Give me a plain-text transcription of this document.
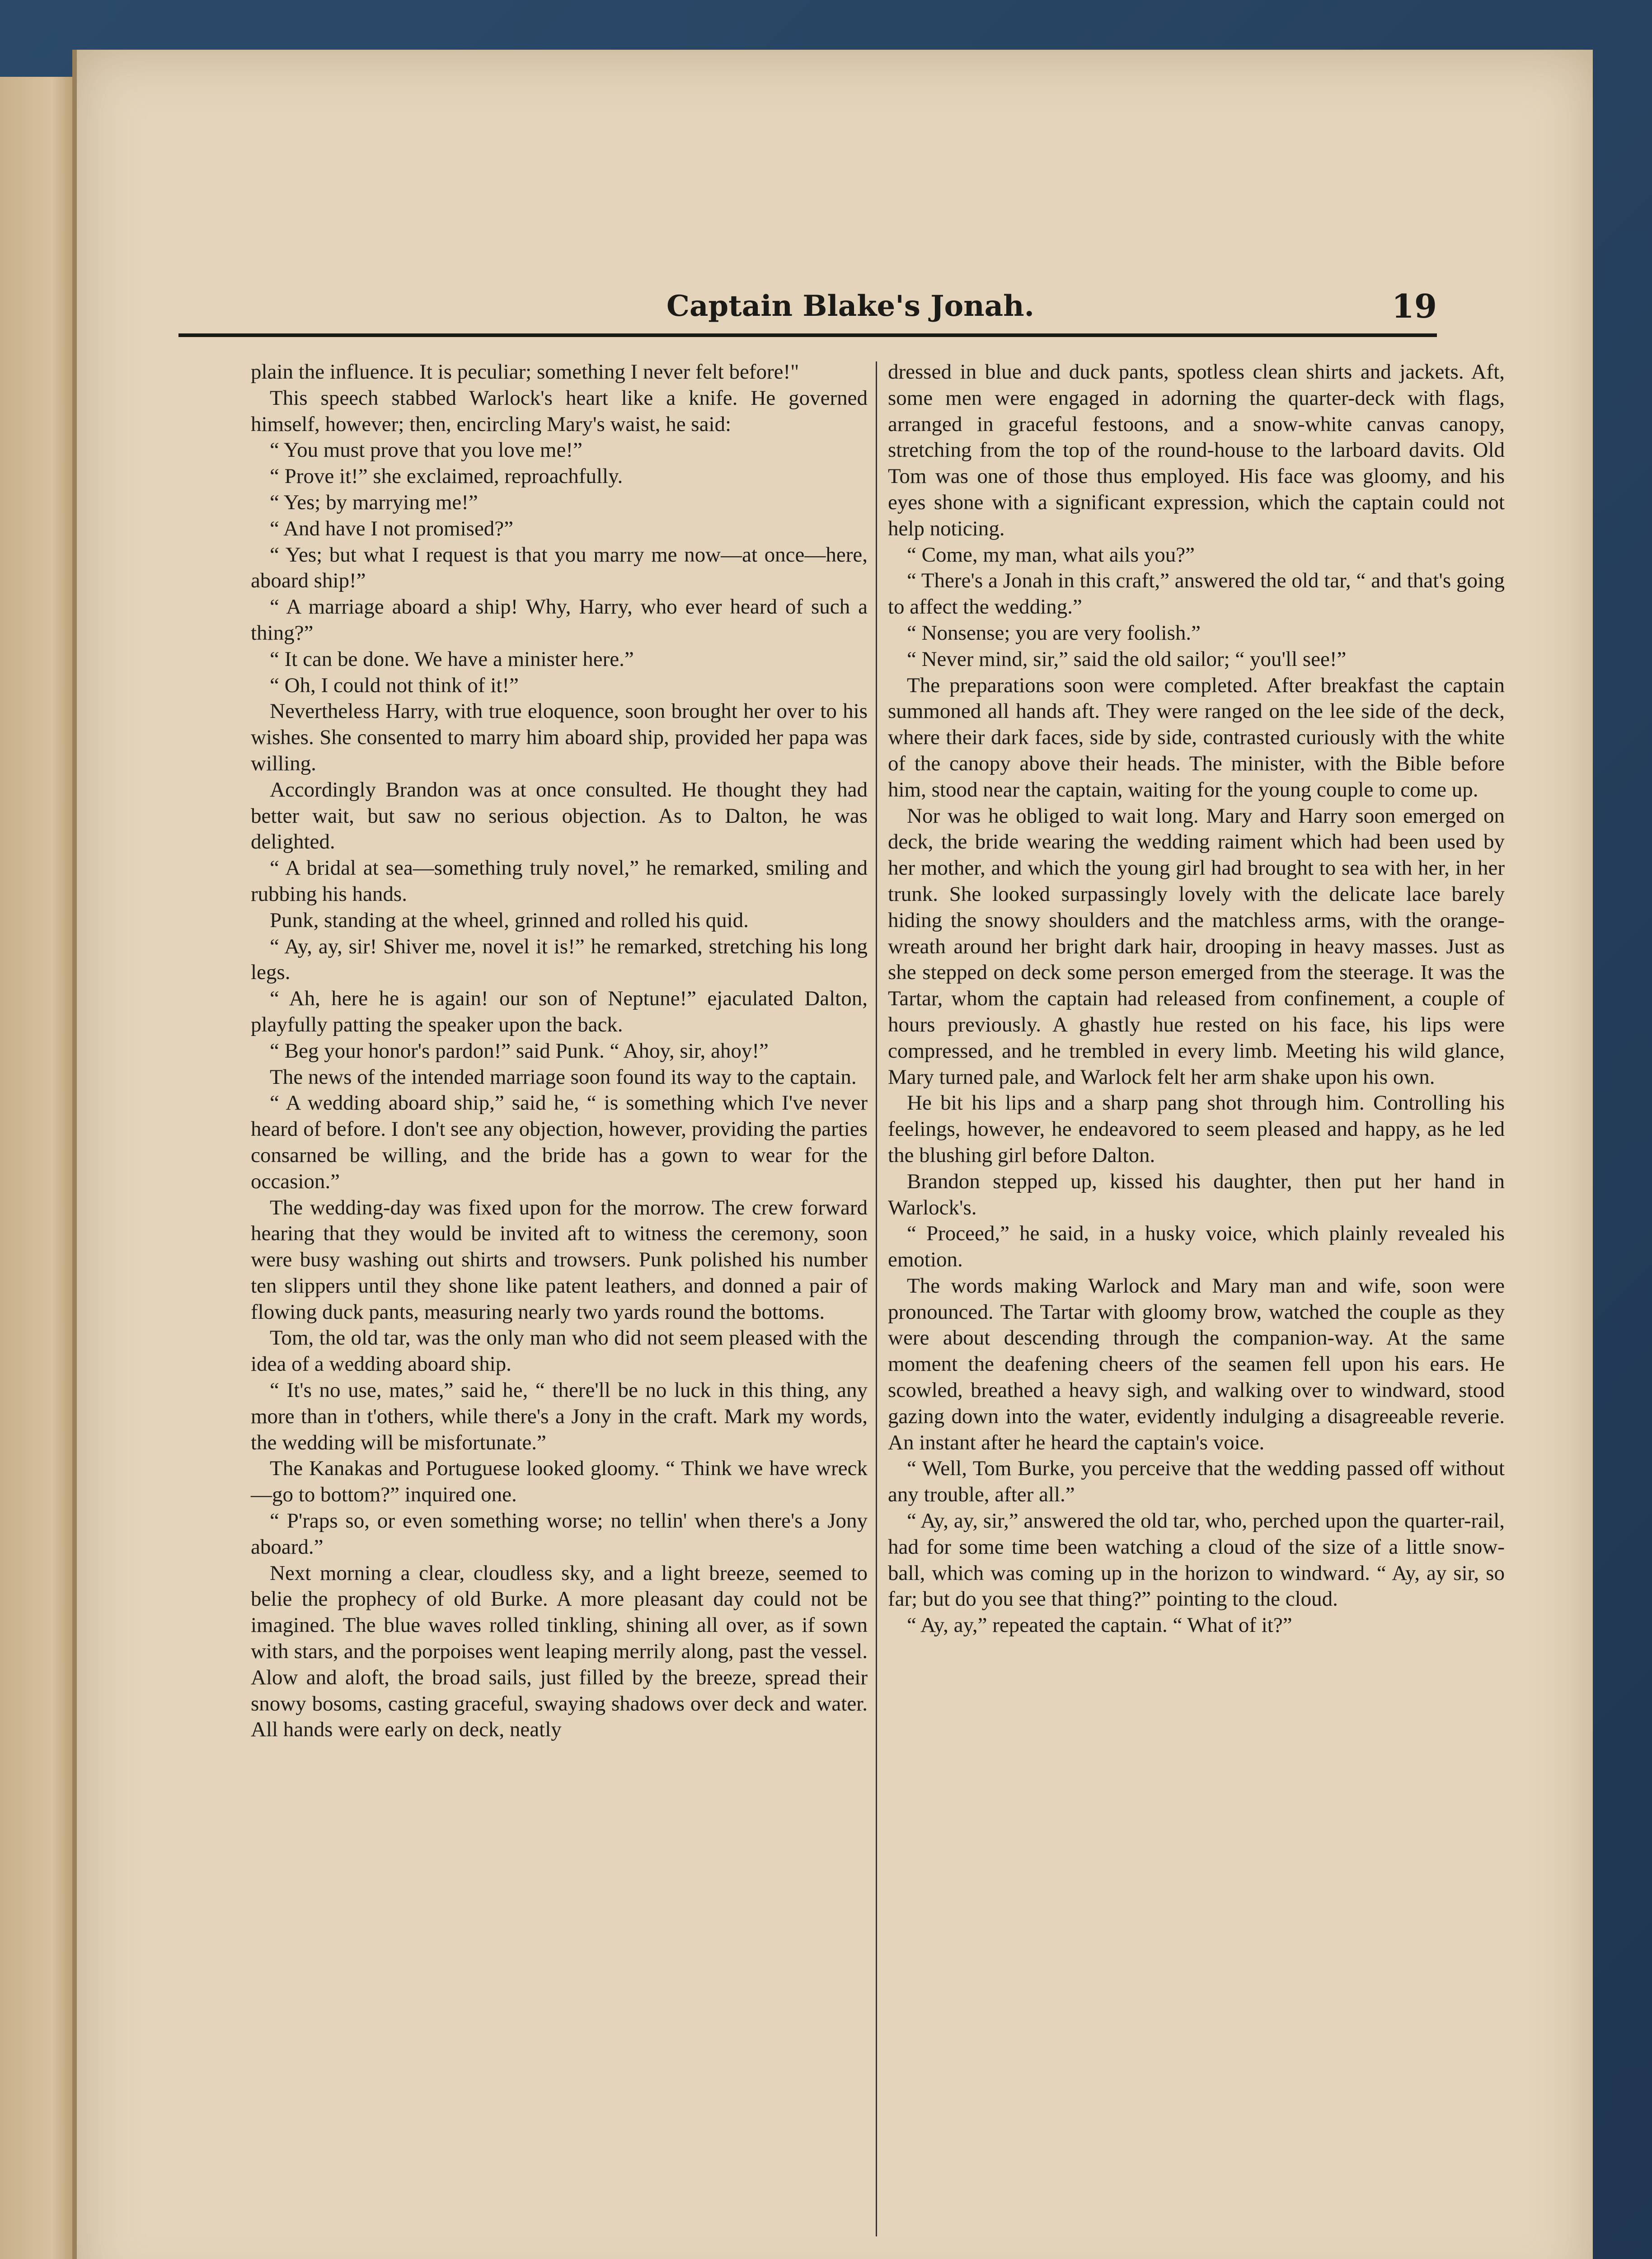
Captain Blake's Jonah.	19

plain the influence. It is peculiar; something I never felt before!"

This speech stabbed Warlock's heart like a knife. He governed himself, however; then, encircling Mary's waist, he said:

“ You must prove that you love me!”

“ Prove it!” she exclaimed, reproachfully.

“ Yes; by marrying me!”

“ And have I not promised?”

“ Yes; but what I request is that you marry me now—at once—here, aboard ship!”

“ A marriage aboard a ship! Why, Harry, who ever heard of such a thing?”

“ It can be done. We have a minister here.”

“ Oh, I could not think of it!”

Nevertheless Harry, with true eloquence, soon brought her over to his wishes. She consented to marry him aboard ship, provided her papa was willing.

Accordingly Brandon was at once consulted. He thought they had better wait, but saw no serious objection. As to Dalton, he was delighted.

“ A bridal at sea—something truly novel,” he remarked, smiling and rubbing his hands.

Punk, standing at the wheel, grinned and rolled his quid.

“ Ay, ay, sir! Shiver me, novel it is!” he remarked, stretching his long legs.

“ Ah, here he is again! our son of Neptune!” ejaculated Dalton, playfully patting the speaker upon the back.

“ Beg your honor's pardon!” said Punk. “ Ahoy, sir, ahoy!”

The news of the intended marriage soon found its way to the captain.

“ A wedding aboard ship,” said he, “ is something which I've never heard of before. I don't see any objection, however, providing the parties consarned be willing, and the bride has a gown to wear for the occasion.”

The wedding-day was fixed upon for the morrow. The crew forward hearing that they would be invited aft to witness the ceremony, soon were busy washing out shirts and trowsers. Punk polished his number ten slippers until they shone like patent leathers, and donned a pair of flowing duck pants, measuring nearly two yards round the bottoms.

Tom, the old tar, was the only man who did not seem pleased with the idea of a wedding aboard ship.

“ It's no use, mates,” said he, “ there'll be no luck in this thing, any more than in t'others, while there's a Jony in the craft. Mark my words, the wedding will be misfortunate.”

The Kanakas and Portuguese looked gloomy. “ Think we have wreck—go to bottom?” inquired one.

“ P'raps so, or even something worse; no tellin' when there's a Jony aboard.”

Next morning a clear, cloudless sky, and a light breeze, seemed to belie the prophecy of old Burke. A more pleasant day could not be imagined. The blue waves rolled tinkling, shining all over, as if sown with stars, and the porpoises went leaping merrily along, past the vessel. Alow and aloft, the broad sails, just filled by the breeze, spread their snowy bosoms, casting graceful, swaying shadows over deck and water. All hands were early on deck, neatly

dressed in blue and duck pants, spotless clean shirts and jackets. Aft, some men were engaged in adorning the quarter-deck with flags, arranged in graceful festoons, and a snow-white canvas canopy, stretching from the top of the round-house to the larboard davits. Old Tom was one of those thus employed. His face was gloomy, and his eyes shone with a significant expression, which the captain could not help noticing.

“ Come, my man, what ails you?”

“ There's a Jonah in this craft,” answered the old tar, “ and that's going to affect the wedding.”

“ Nonsense; you are very foolish.”

“ Never mind, sir,” said the old sailor; “ you'll see!”

The preparations soon were completed. After breakfast the captain summoned all hands aft. They were ranged on the lee side of the deck, where their dark faces, side by side, contrasted curiously with the white of the canopy above their heads. The minister, with the Bible before him, stood near the captain, waiting for the young couple to come up.

Nor was he obliged to wait long. Mary and Harry soon emerged on deck, the bride wearing the wedding raiment which had been used by her mother, and which the young girl had brought to sea with her, in her trunk. She looked surpassingly lovely with the delicate lace barely hiding the snowy shoulders and the matchless arms, with the orange-wreath around her bright dark hair, drooping in heavy masses. Just as she stepped on deck some person emerged from the steerage. It was the Tartar, whom the captain had released from confinement, a couple of hours previously. A ghastly hue rested on his face, his lips were compressed, and he trembled in every limb. Meeting his wild glance, Mary turned pale, and Warlock felt her arm shake upon his own.

He bit his lips and a sharp pang shot through him. Controlling his feelings, however, he endeavored to seem pleased and happy, as he led the blushing girl before Dalton.

Brandon stepped up, kissed his daughter, then put her hand in Warlock's.

“ Proceed,” he said, in a husky voice, which plainly revealed his emotion.

The words making Warlock and Mary man and wife, soon were pronounced. The Tartar with gloomy brow, watched the couple as they were about descending through the companion-way. At the same moment the deafening cheers of the seamen fell upon his ears. He scowled, breathed a heavy sigh, and walking over to windward, stood gazing down into the water, evidently indulging a disagreeable reverie. An instant after he heard the captain's voice.

“ Well, Tom Burke, you perceive that the wedding passed off without any trouble, after all.”

“ Ay, ay, sir,” answered the old tar, who, perched upon the quarter-rail, had for some time been watching a cloud of the size of a little snow-ball, which was coming up in the horizon to windward. “ Ay, ay sir, so far; but do you see that thing?” pointing to the cloud.

“ Ay, ay,” repeated the captain. “ What of it?”
